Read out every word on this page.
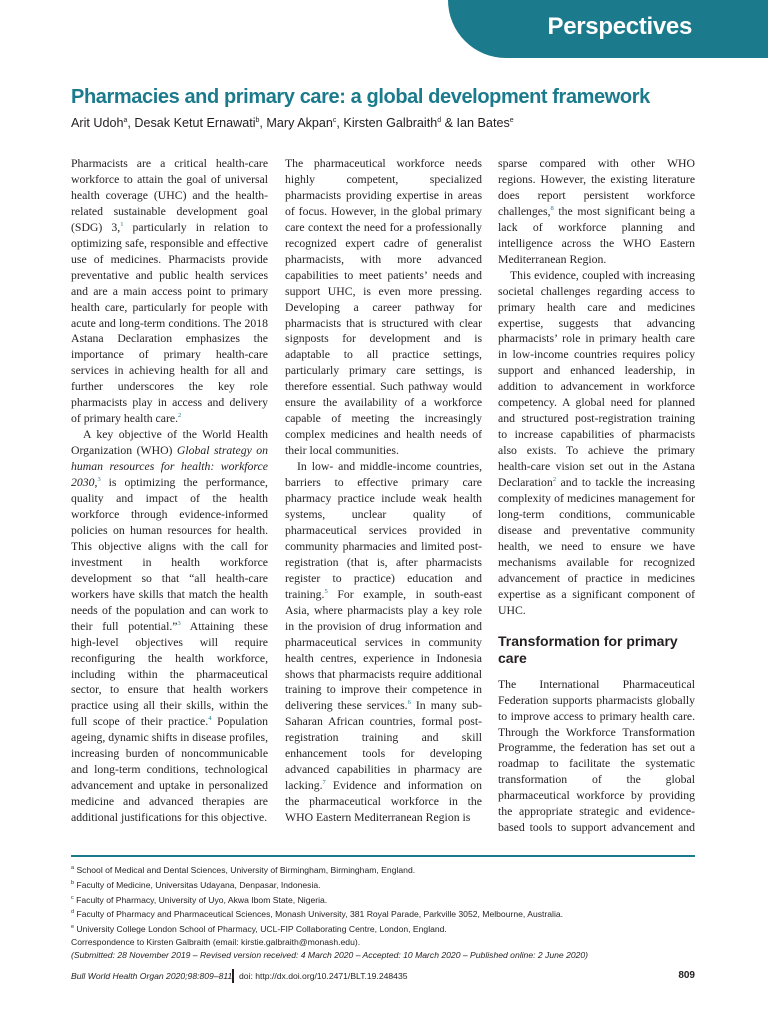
Perspectives
Pharmacies and primary care: a global development framework
Arit Udoh$^a$, Desak Ketut Ernawati$^b$, Mary Akpan$^c$, Kirsten Galbraith$^d$ & Ian Bates$^e$

Pharmacists are a critical health-care workforce to attain the goal of universal health coverage (UHC) and the health-related sustainable development goal (SDG) 3,$^1$ particularly in relation to optimizing safe, responsible and effective use of medicines. Pharmacists provide preventative and public health services and are a main access point to primary health care, particularly for people with acute and long-term conditions. The 2018 Astana Declaration emphasizes the importance of primary health-care services in achieving health for all and further underscores the key role pharmacists play in access and delivery of primary health care.$^2$

A key objective of the World Health Organization (WHO) Global strategy on human resources for health: workforce 2030,$^3$ is optimizing the performance, quality and impact of the health workforce through evidence-informed policies on human resources for health. This objective aligns with the call for investment in health workforce development so that “all health-care workers have skills that match the health needs of the population and can work to their full potential.”$^3$ Attaining these high-level objectives will require reconfiguring the health workforce, including within the pharmaceutical sector, to ensure that health workers practice using all their skills, within the full scope of their practice.$^4$ Population ageing, dynamic shifts in disease profiles, increasing burden of noncommunicable and long-term conditions, technological advancement and uptake in personalized medicine and advanced therapies are additional justifications for this objective.

The pharmaceutical workforce needs highly	competent,	specialized pharmacists providing expertise in areas of focus. However, in the global primary care context the need for a professionally recognized expert cadre of generalist pharmacists, with more advanced capabilities to meet patients’ needs and support UHC, is even more pressing. Developing a career pathway for pharmacists that is structured with clear signposts for development and is adaptable to all practice settings, particularly primary care settings, is therefore essential. Such pathway would ensure the availability of a workforce capable of meeting the increasingly complex medicines and health needs of their local communities.

In low- and middle-income countries, barriers to effective primary care pharmacy practice include weak health systems, unclear quality of pharmaceutical services provided in community pharmacies and limited post-registration (that is, after pharmacists register to practice) education and training.$^5$ For example, in south-east Asia, where pharmacists play a key role in the provision of drug information and pharmaceutical services in community health centres, experience in Indonesia shows that pharmacists require additional training to improve their competence in delivering these services.$^6$ In many sub-Saharan African countries, formal post-registration training and skill enhancement tools for developing advanced capabilities in pharmacy are lacking.$^7$ Evidence and information on the pharmaceutical workforce in the WHO Eastern Mediterranean Region is

sparse compared with other WHO regions. However, the existing literature does report persistent workforce challenges,$^8$ the most significant being a lack of workforce planning and intelligence across the WHO Eastern Mediterranean Region.

This evidence, coupled with increasing societal challenges regarding access to primary health care and medicines expertise, suggests that advancing pharmacists’ role in primary health care in low-income countries requires policy support and enhanced leadership, in addition to advancement in workforce competency. A global need for planned and structured post-registration training to increase capabilities of pharmacists also exists. To achieve the primary health-care vision set out in the Astana Declaration$^2$ and to tackle the increasing complexity of medicines management for long-term conditions, communicable disease and preventative community health, we need to ensure we have mechanisms available for recognized advancement of practice in medicines expertise as a significant component of UHC.

Transformation for primary care

The International Pharmaceutical Federation supports pharmacists globally to improve access to primary health care. Through the Workforce Transformation Programme, the federation has set out a roadmap to facilitate the systematic transformation of the global pharmaceutical workforce by providing the appropriate strategic and evidence-based tools to support advancement and

$^a$ School of Medical and Dental Sciences, University of Birmingham, Birmingham, England.
$^b$ Faculty of Medicine, Universitas Udayana, Denpasar, Indonesia.
$^c$ Faculty of Pharmacy, University of Uyo, Akwa Ibom State, Nigeria.
$^d$ Faculty of Pharmacy and Pharmaceutical Sciences, Monash University, 381 Royal Parade, Parkville 3052, Melbourne, Australia.
$^e$ University College London School of Pharmacy, UCL-FIP Collaborating Centre, London, England.
Correspondence to Kirsten Galbraith (email: kirstie.galbraith@monash.edu).
(Submitted: 28 November 2019 – Revised version received: 4 March 2020 – Accepted: 10 March 2020 – Published online: 2 June 2020)
Bull World Health Organ 2020;98:809–811 doi: http://dx.doi.org/10.2471/BLT.19.248435	809
